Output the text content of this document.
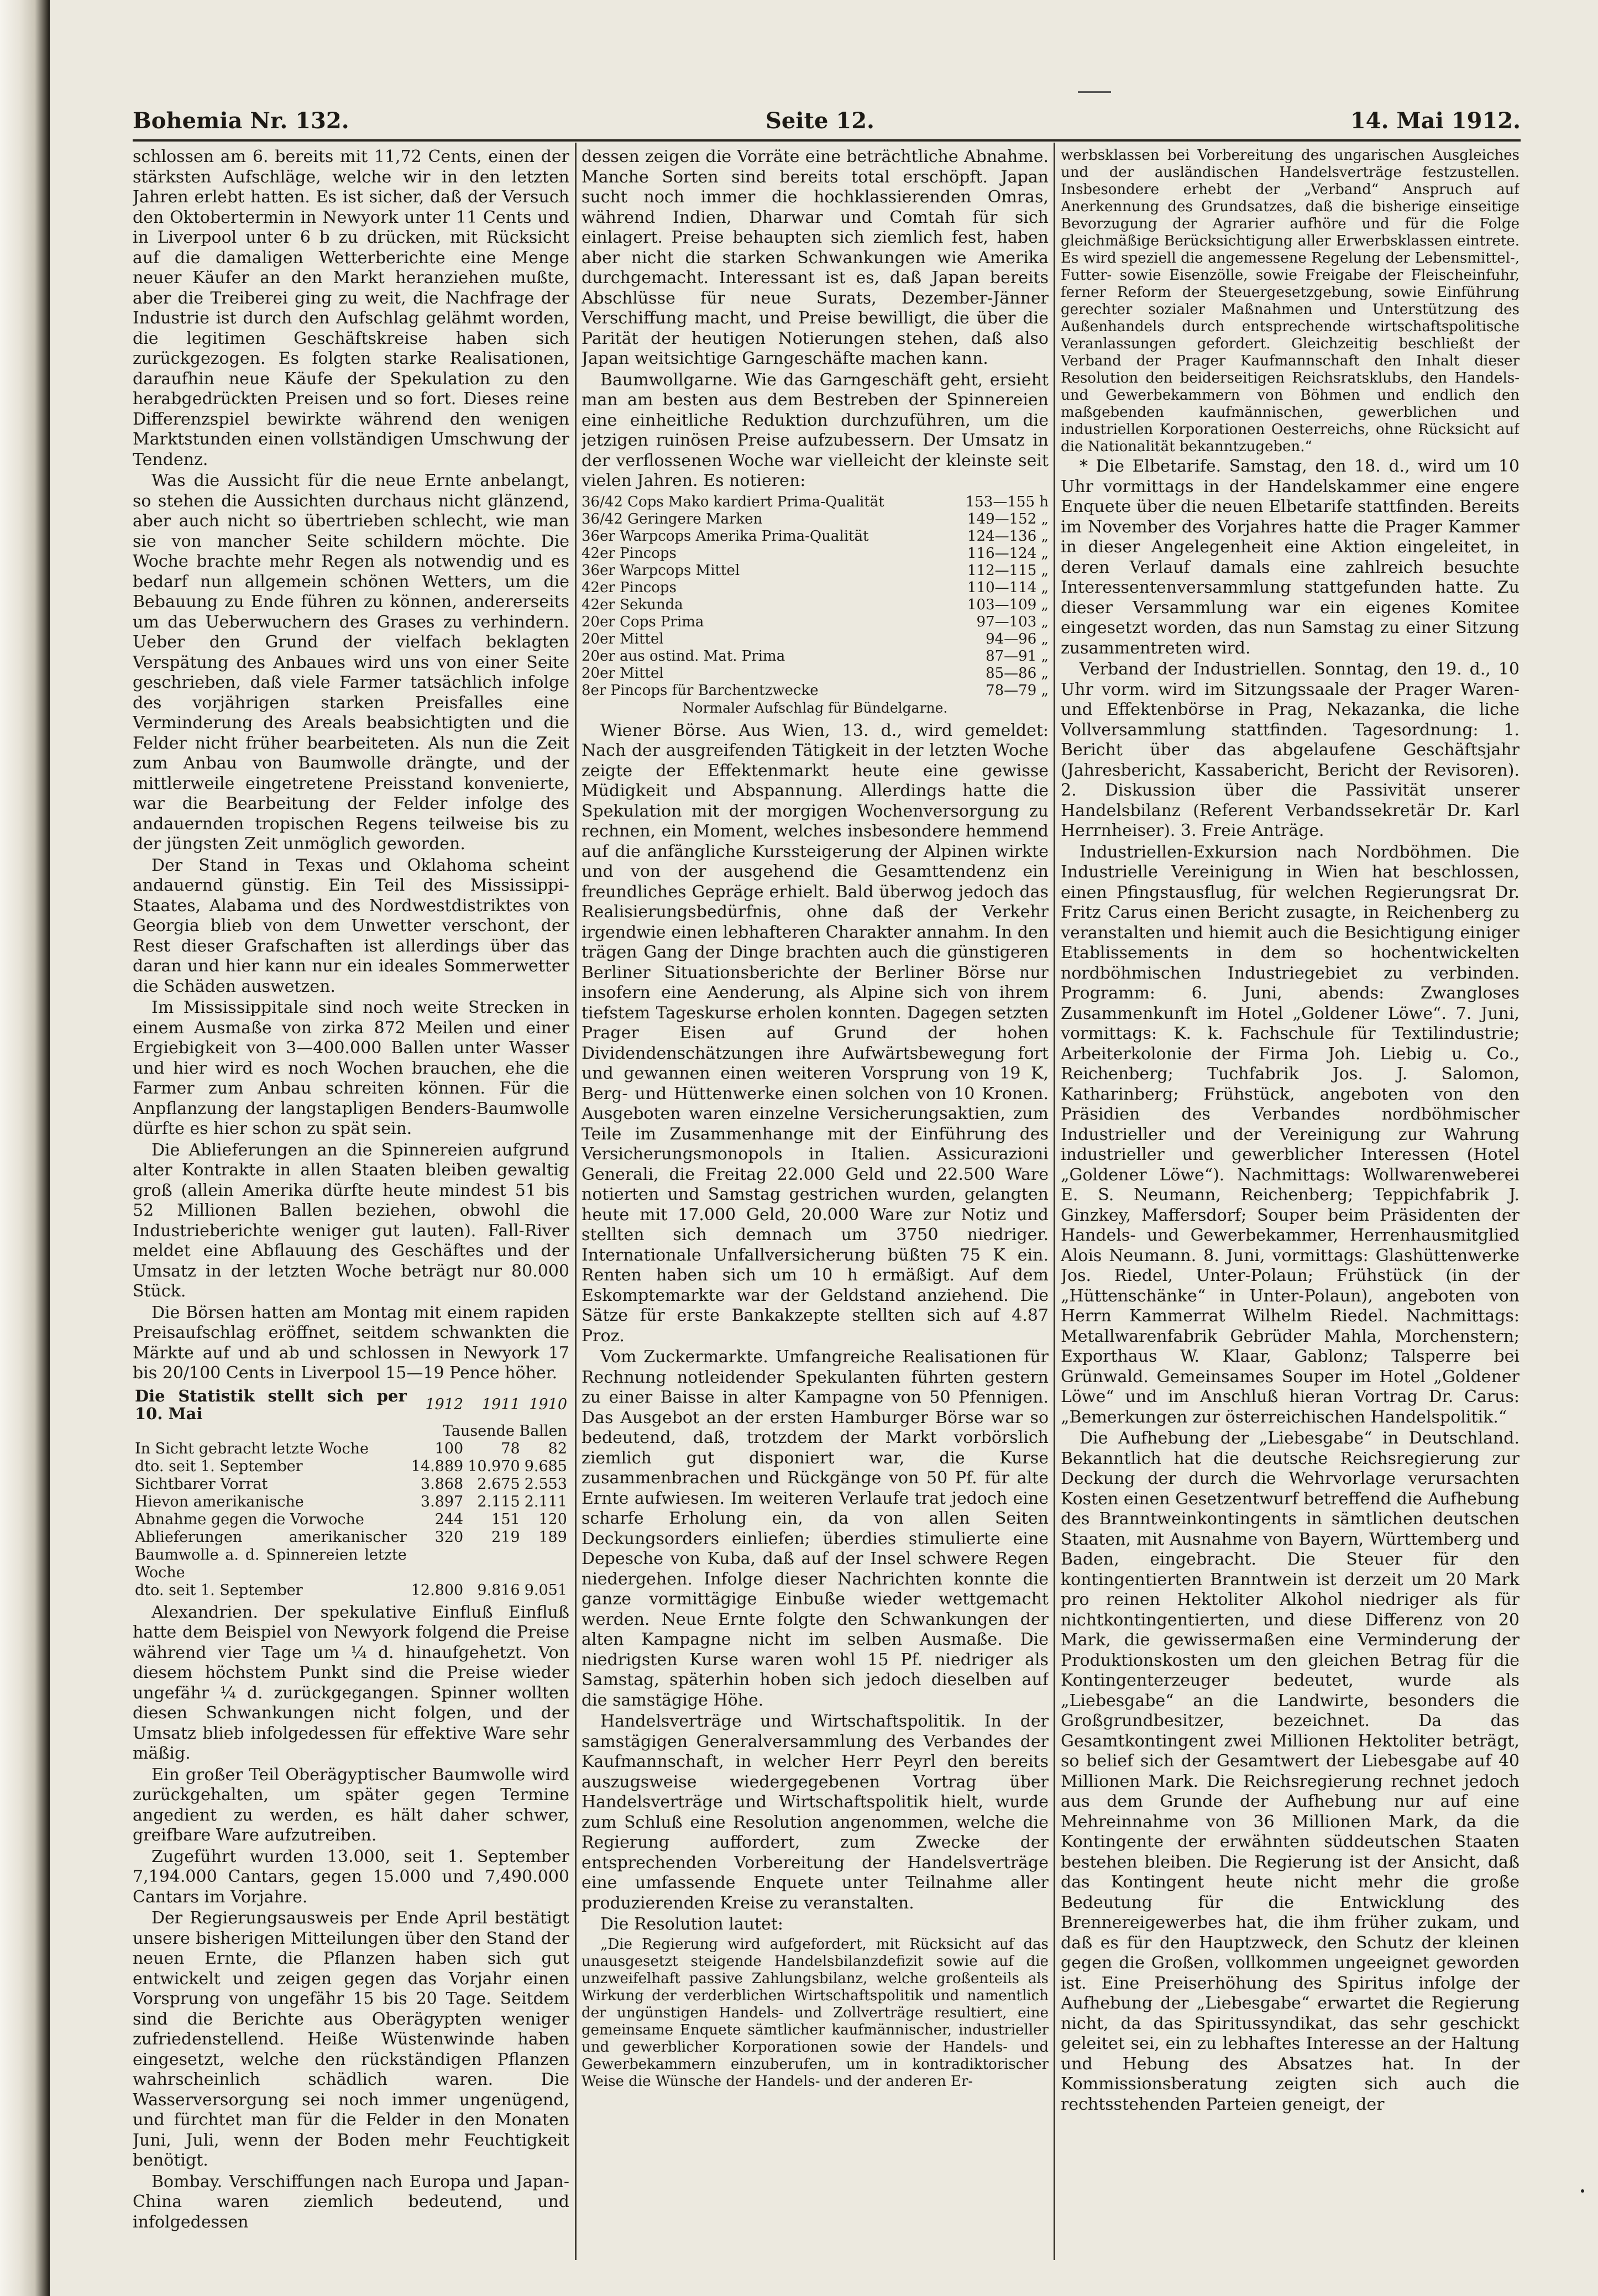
Bohemia Nr. 132.	Seite 12.	14. Mai 1912.

schlossen am 6. bereits mit 11,72 Cents, einen der stärksten Aufschläge, welche wir in den letzten Jahren erlebt hatten. Es ist sicher, daß der Versuch den Oktobertermin in Newyork unter 11 Cents und in Liverpool unter 6 b zu drücken, mit Rücksicht auf die damaligen Wetterberichte eine Menge neuer Käufer an den Markt heranziehen mußte, aber die Treiberei ging zu weit, die Nachfrage der Industrie ist durch den Aufschlag gelähmt worden, die legitimen Geschäftskreise haben sich zurückgezogen. Es folgten starke Realisationen, daraufhin neue Käufe der Spekulation zu den herabgedrückten Preisen und so fort. Dieses reine Differenzspiel bewirkte während den wenigen Marktstunden einen vollständigen Umschwung der Tendenz.

Was die Aussicht für die neue Ernte anbelangt, so stehen die Aussichten durchaus nicht glänzend, aber auch nicht so übertrieben schlecht, wie man sie von mancher Seite schildern möchte. Die Woche brachte mehr Regen als notwendig und es bedarf nun allgemein schönen Wetters, um die Bebauung zu Ende führen zu können, andererseits um das Ueberwuchern des Grases zu verhindern. Ueber den Grund der vielfach beklagten Verspätung des Anbaues wird uns von einer Seite geschrieben, daß viele Farmer tatsächlich infolge des vorjährigen starken Preisfalles eine Verminderung des Areals beabsichtigten und die Felder nicht früher bearbeiteten. Als nun die Zeit zum Anbau von Baumwolle drängte, und der mittlerweile eingetretene Preisstand konvenierte, war die Bearbeitung der Felder infolge des andauernden tropischen Regens teilweise bis zu der jüngsten Zeit unmöglich geworden.

Der Stand in Texas und Oklahoma scheint andauernd günstig. Ein Teil des Mississippi-Staates, Alabama und des Nordwestdistriktes von Georgia blieb von dem Unwetter verschont, der Rest dieser Grafschaften ist allerdings über das daran und hier kann nur ein ideales Sommerwetter die Schäden auswetzen.

Im Mississippitale sind noch weite Strecken in einem Ausmaße von zirka 872 Meilen und einer Ergiebigkeit von 3—400.000 Ballen unter Wasser und hier wird es noch Wochen brauchen, ehe die Farmer zum Anbau schreiten können. Für die Anpflanzung der langstapligen Benders-Baumwolle dürfte es hier schon zu spät sein.

Die Ablieferungen an die Spinnereien aufgrund alter Kontrakte in allen Staaten bleiben gewaltig groß (allein Amerika dürfte heute mindest 51 bis 52 Millionen Ballen beziehen, obwohl die Industrieberichte weniger gut lauten). Fall-River meldet eine Abflauung des Geschäftes und der Umsatz in der letzten Woche beträgt nur 80.000 Stück.

Die Börsen hatten am Montag mit einem rapiden Preisaufschlag eröffnet, seitdem schwankten die Märkte auf und ab und schlossen in Newyork 17 bis 20/100 Cents in Liverpool 15—19 Pence höher.

Die Statistik stellt sich per 10. Mai	1912	1911	1910
	Tausende Ballen		
In Sicht gebracht letzte Woche	100	78	82
dto. seit 1. September	14.889	10.970	9.685
Sichtbarer Vorrat	3.868	2.675	2.553
Hievon amerikanische	3.897	2.115	2.111
Abnahme gegen die Vorwoche	244	151	120
Ablieferungen amerikanischer Baumwolle a. d. Spinnereien letzte Woche	320	219	189
dto. seit 1. September	12.800	9.816	9.051

Alexandrien. Der spekulative Einfluß Einfluß hatte dem Beispiel von Newyork folgend die Preise während vier Tage um ¼ d. hinaufgehetzt. Von diesem höchstem Punkt sind die Preise wieder ungefähr ¼ d. zurückgegangen. Spinner wollten diesen Schwankungen nicht folgen, und der Umsatz blieb infolgedessen für effektive Ware sehr mäßig.

Ein großer Teil Oberägyptischer Baumwolle wird zurückgehalten, um später gegen Termine angedient zu werden, es hält daher schwer, greifbare Ware aufzutreiben.

Zugeführt wurden 13.000, seit 1. September 7,194.000 Cantars, gegen 15.000 und 7,490.000 Cantars im Vorjahre.

Der Regierungsausweis per Ende April bestätigt unsere bisherigen Mitteilungen über den Stand der neuen Ernte, die Pflanzen haben sich gut entwickelt und zeigen gegen das Vorjahr einen Vorsprung von ungefähr 15 bis 20 Tage. Seitdem sind die Berichte aus Oberägypten weniger zufriedenstellend. Heiße Wüstenwinde haben eingesetzt, welche den rückständigen Pflanzen wahrscheinlich schädlich waren. Die Wasserversorgung sei noch immer ungenügend, und fürchtet man für die Felder in den Monaten Juni, Juli, wenn der Boden mehr Feuchtigkeit benötigt.

Bombay. Verschiffungen nach Europa und Japan-China waren ziemlich bedeutend, und infolgedessen

dessen zeigen die Vorräte eine beträchtliche Abnahme. Manche Sorten sind bereits total erschöpft. Japan sucht noch immer die hochklassierenden Omras, während Indien, Dharwar und Comtah für sich einlagert. Preise behaupten sich ziemlich fest, haben aber nicht die starken Schwankungen wie Amerika durchgemacht. Interessant ist es, daß Japan bereits Abschlüsse für neue Surats, Dezember-Jänner Verschiffung macht, und Preise bewilligt, die über die Parität der heutigen Notierungen stehen, daß also Japan weitsichtige Garngeschäfte machen kann.

Baumwollgarne. Wie das Garngeschäft geht, ersieht man am besten aus dem Bestreben der Spinnereien eine einheitliche Reduktion durchzuführen, um die jetzigen ruinösen Preise aufzubessern. Der Umsatz in der verflossenen Woche war vielleicht der kleinste seit vielen Jahren. Es notieren:

36/42 Cops Mako kardiert Prima-Qualität	153—155 h
36/42 Geringere Marken	149—152 „
36er Warpcops Amerika Prima-Qualität	124—136 „
42er Pincops	116—124 „
36er Warpcops Mittel	112—115 „
42er Pincops	110—114 „
42er Sekunda	103—109 „
20er Cops Prima	97—103 „
20er Mittel	94—96 „
20er aus ostind. Mat. Prima	87—91 „
20er Mittel	85—86 „
8er Pincops für Barchentzwecke	78—79 „
Normaler Aufschlag für Bündelgarne.

Wiener Börse. Aus Wien, 13. d., wird gemeldet: Nach der ausgreifenden Tätigkeit in der letzten Woche zeigte der Effektenmarkt heute eine gewisse Müdigkeit und Abspannung. Allerdings hatte die Spekulation mit der morgigen Wochenversorgung zu rechnen, ein Moment, welches insbesondere hemmend auf die anfängliche Kurssteigerung der Alpinen wirkte und von der ausgehend die Gesamttendenz ein freundliches Gepräge erhielt. Bald überwog jedoch das Realisierungsbedürfnis, ohne daß der Verkehr irgendwie einen lebhafteren Charakter annahm. In den trägen Gang der Dinge brachten auch die günstigeren Berliner Situationsberichte der Berliner Börse nur insofern eine Aenderung, als Alpine sich von ihrem tiefstem Tageskurse erholen konnten. Dagegen setzten Prager Eisen auf Grund der hohen Dividendenschätzungen ihre Aufwärtsbewegung fort und gewannen einen weiteren Vorsprung von 19 K, Berg- und Hüttenwerke einen solchen von 10 Kronen. Ausgeboten waren einzelne Versicherungsaktien, zum Teile im Zusammenhange mit der Einführung des Versicherungsmonopols in Italien. Assicurazioni Generali, die Freitag 22.000 Geld und 22.500 Ware notierten und Samstag gestrichen wurden, gelangten heute mit 17.000 Geld, 20.000 Ware zur Notiz und stellten sich demnach um 3750 niedriger. Internationale Unfallversicherung büßten 75 K ein. Renten haben sich um 10 h ermäßigt. Auf dem Eskomptemarkte war der Geldstand anziehend. Die Sätze für erste Bankakzepte stellten sich auf 4.87 Proz.

Vom Zuckermarkte. Umfangreiche Realisationen für Rechnung notleidender Spekulanten führten gestern zu einer Baisse in alter Kampagne von 50 Pfennigen. Das Ausgebot an der ersten Hamburger Börse war so bedeutend, daß, trotzdem der Markt vorbörslich ziemlich gut disponiert war, die Kurse zusammenbrachen und Rückgänge von 50 Pf. für alte Ernte aufwiesen. Im weiteren Verlaufe trat jedoch eine scharfe Erholung ein, da von allen Seiten Deckungsorders einliefen; überdies stimulierte eine Depesche von Kuba, daß auf der Insel schwere Regen niedergehen. Infolge dieser Nachrichten konnte die ganze vormittägige Einbuße wieder wettgemacht werden. Neue Ernte folgte den Schwankungen der alten Kampagne nicht im selben Ausmaße. Die niedrigsten Kurse waren wohl 15 Pf. niedriger als Samstag, späterhin hoben sich jedoch dieselben auf die samstägige Höhe.

Handelsverträge und Wirtschaftspolitik. In der samstägigen Generalversammlung des Verbandes der Kaufmannschaft, in welcher Herr Peyrl den bereits auszugsweise wiedergegebenen Vortrag über Handelsverträge und Wirtschaftspolitik hielt, wurde zum Schluß eine Resolution angenommen, welche die Regierung auffordert, zum Zwecke der entsprechenden Vorbereitung der Handelsverträge eine umfassende Enquete unter Teilnahme aller produzierenden Kreise zu veranstalten.

Die Resolution lautet:

„Die Regierung wird aufgefordert, mit Rücksicht auf das unausgesetzt steigende Handelsbilanzdefizit sowie auf die unzweifelhaft passive Zahlungsbilanz, welche großenteils als Wirkung der verderblichen Wirtschaftspolitik und namentlich der ungünstigen Handels- und Zollverträge resultiert, eine gemeinsame Enquete sämtlicher kaufmännischer, industrieller und gewerblicher Korporationen sowie der Handels- und Gewerbekammern einzuberufen, um in kontradiktorischer Weise die Wünsche der Handels- und der anderen Er-

werbsklassen bei Vorbereitung des ungarischen Ausgleiches und der ausländischen Handelsverträge festzustellen. Insbesondere erhebt der „Verband“ Anspruch auf Anerkennung des Grundsatzes, daß die bisherige einseitige Bevorzugung der Agrarier aufhöre und für die Folge gleichmäßige Berücksichtigung aller Erwerbsklassen eintrete. Es wird speziell die angemessene Regelung der Lebensmittel-, Futter- sowie Eisenzölle, sowie Freigabe der Fleischeinfuhr, ferner Reform der Steuergesetzgebung, sowie Einführung gerechter sozialer Maßnahmen und Unterstützung des Außenhandels durch entsprechende wirtschaftspolitische Veranlassungen gefordert. Gleichzeitig beschließt der Verband der Prager Kaufmannschaft den Inhalt dieser Resolution den beiderseitigen Reichsratsklubs, den Handels- und Gewerbekammern von Böhmen und endlich den maßgebenden kaufmännischen, gewerblichen und industriellen Korporationen Oesterreichs, ohne Rücksicht auf die Nationalität bekanntzugeben.“

* Die Elbetarife. Samstag, den 18. d., wird um 10 Uhr vormittags in der Handelskammer eine engere Enquete über die neuen Elbetarife stattfinden. Bereits im November des Vorjahres hatte die Prager Kammer in dieser Angelegenheit eine Aktion eingeleitet, in deren Verlauf damals eine zahlreich besuchte Interessentenversammlung stattgefunden hatte. Zu dieser Versammlung war ein eigenes Komitee eingesetzt worden, das nun Samstag zu einer Sitzung zusammentreten wird.

Verband der Industriellen. Sonntag, den 19. d., 10 Uhr vorm. wird im Sitzungssaale der Prager Waren- und Effektenbörse in Prag, Nekazanka, die liche Vollversammlung stattfinden. Tagesordnung: 1. Bericht über das abgelaufene Geschäftsjahr (Jahresbericht, Kassabericht, Bericht der Revisoren). 2. Diskussion über die Passivität unserer Handelsbilanz (Referent Verbandssekretär Dr. Karl Herrnheiser). 3. Freie Anträge.

Industriellen-Exkursion nach Nordböhmen. Die Industrielle Vereinigung in Wien hat beschlossen, einen Pfingstausflug, für welchen Regierungsrat Dr. Fritz Carus einen Bericht zusagte, in Reichenberg zu veranstalten und hiemit auch die Besichtigung einiger Etablissements in dem so hochentwickelten nordböhmischen Industriegebiet zu verbinden. Programm: 6. Juni, abends: Zwangloses Zusammenkunft im Hotel „Goldener Löwe“. 7. Juni, vormittags: K. k. Fachschule für Textilindustrie; Arbeiterkolonie der Firma Joh. Liebig u. Co., Reichenberg; Tuchfabrik Jos. J. Salomon, Katharinberg; Frühstück, angeboten von den Präsidien des Verbandes nordböhmischer Industrieller und der Vereinigung zur Wahrung industrieller und gewerblicher Interessen (Hotel „Goldener Löwe“). Nachmittags: Wollwarenweberei E. S. Neumann, Reichenberg; Teppichfabrik J. Ginzkey, Maffersdorf; Souper beim Präsidenten der Handels- und Gewerbekammer, Herrenhausmitglied Alois Neumann. 8. Juni, vormittags: Glashüttenwerke Jos. Riedel, Unter-Polaun; Frühstück (in der „Hüttenschänke“ in Unter-Polaun), angeboten von Herrn Kammerrat Wilhelm Riedel. Nachmittags: Metallwarenfabrik Gebrüder Mahla, Morchenstern; Exporthaus W. Klaar, Gablonz; Talsperre bei Grünwald. Gemeinsames Souper im Hotel „Goldener Löwe“ und im Anschluß hieran Vortrag Dr. Carus: „Bemerkungen zur österreichischen Handelspolitik.“

Die Aufhebung der „Liebesgabe“ in Deutschland. Bekanntlich hat die deutsche Reichsregierung zur Deckung der durch die Wehrvorlage verursachten Kosten einen Gesetzentwurf betreffend die Aufhebung des Branntweinkontingents in sämtlichen deutschen Staaten, mit Ausnahme von Bayern, Württemberg und Baden, eingebracht. Die Steuer für den kontingentierten Branntwein ist derzeit um 20 Mark pro reinen Hektoliter Alkohol niedriger als für nichtkontingentierten, und diese Differenz von 20 Mark, die gewissermaßen eine Verminderung der Produktionskosten um den gleichen Betrag für die Kontingenterzeuger bedeutet, wurde als „Liebesgabe“ an die Landwirte, besonders die Großgrundbesitzer, bezeichnet. Da das Gesamtkontingent zwei Millionen Hektoliter beträgt, so belief sich der Gesamtwert der Liebesgabe auf 40 Millionen Mark. Die Reichsregierung rechnet jedoch aus dem Grunde der Aufhebung nur auf eine Mehreinnahme von 36 Millionen Mark, da die Kontingente der erwähnten süddeutschen Staaten bestehen bleiben. Die Regierung ist der Ansicht, daß das Kontingent heute nicht mehr die große Bedeutung für die Entwicklung des Brennereigewerbes hat, die ihm früher zukam, und daß es für den Hauptzweck, den Schutz der kleinen gegen die Großen, vollkommen ungeeignet geworden ist. Eine Preiserhöhung des Spiritus infolge der Aufhebung der „Liebesgabe“ erwartet die Regierung nicht, da das Spiritussyndikat, das sehr geschickt geleitet sei, ein zu lebhaftes Interesse an der Haltung und Hebung des Absatzes hat. In der Kommissionsberatung zeigten sich auch die rechtsstehenden Parteien geneigt, der
